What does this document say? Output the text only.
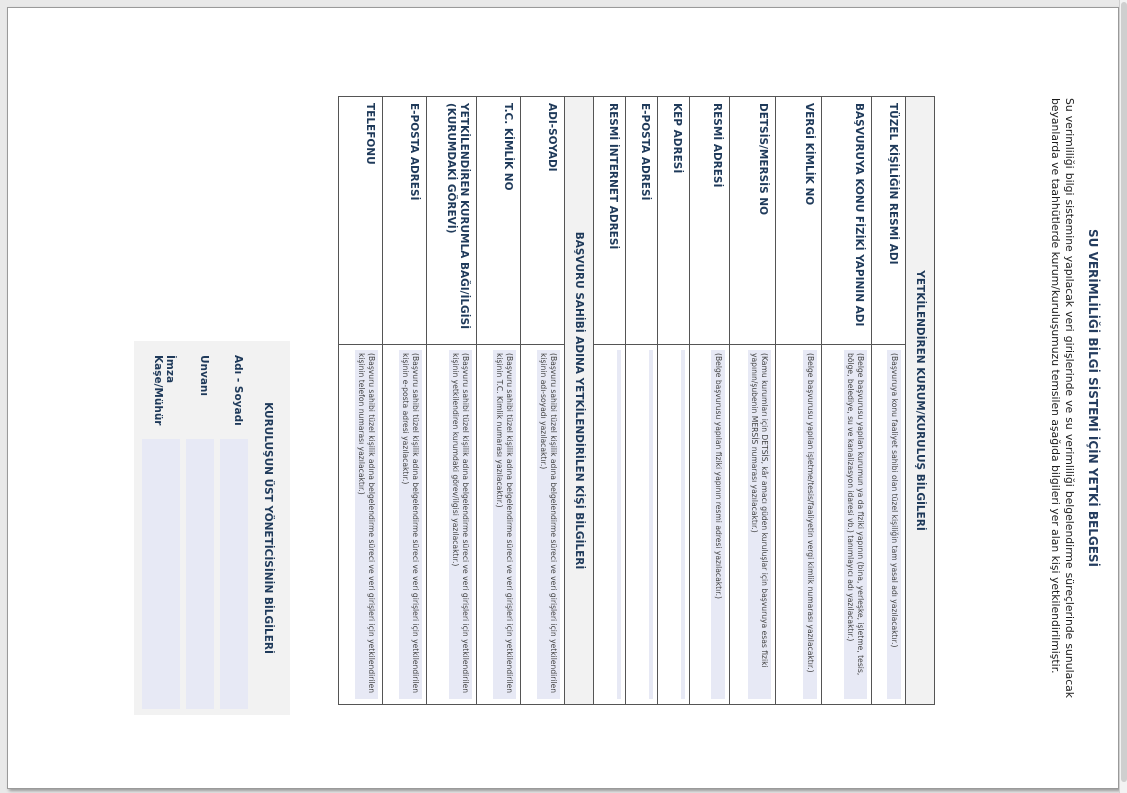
SU VERİMLİLİĞİ BİLGİ SİSTEMİ İÇİN YETKİ BELGESİ
Su verimliliği bilgi sistemine yapılacak veri girişlerinde ve su verimliliği belgelendirme süreçlerinde sunulacak beyanlarda ve taahhütlerde kurum/kuruluşumuzu temsilen aşağıda bilgileri yer alan kişi yetkilendirilmiştir.
YETKİLENDİREN KURUM/KURULUŞ BİLGİLERİ	
TÜZEL KİŞİLİĞİN RESMİ ADI	(Başvuruya konu faaliyet sahibi olan tüzel kişiliğin tam yasal adı yazılacaktır.)

BAŞVURUYA KONU FİZİKİ YAPININ ADI	(Belge başvurusu yapılan kurumun ya da fiziki yapının (bina, yerleşke, işletme, tesis, bölge, belediye, su ve kanalizasyon idaresi vb.) tanımlayıcı adı yazılacaktır.)

VERGİ KİMLİK NO	(Belge başvurusu yapılan işletme/tesis/faaliyetin vergi kimlik numarası yazılacaktır.)

DETSİS/MERSİS NO	(Kamu kurumları için DETSİS, kâr amacı güden kuruluşlar için başvuruya esas fiziki yapının/şubenin MERSİS numarası yazılacaktır.)

RESMİ ADRESİ	(Belge başvurusu yapılan fiziki yapının resmi adresi yazılacaktır.)

KEP ADRESİ	

E-POSTA ADRESİ	

RESMİ İNTERNET ADRESİ	

BAŞVURU SAHİBİ ADINA YETKİLENDİRİLEN KİŞİ BİLGİLERİ	
ADI-SOYADI	(Başvuru sahibi tüzel kişilik adına belgelendirme süreci ve veri girişleri için yetkilendirilen kişinin adı-soyadı yazılacaktır.)

T.C. KİMLİK NO	(Başvuru sahibi tüzel kişilik adına belgelendirme süreci ve veri girişleri için yetkilendirilen kişinin T.C. Kimlik numarası yazılacaktır.)

YETKİLENDİREN KURUMLA BAĞI/İLGİSİ (KURUMDAKİ GÖREVİ)	(Başvuru sahibi tüzel kişilik adına belgelendirme süreci ve veri girişleri için yetkilendirilen kişinin yetkilendiren kurumdaki görev/ilgisi yazılacaktır.)

E-POSTA ADRESİ	(Başvuru sahibi tüzel kişilik adına belgelendirme süreci ve veri girişleri için yetkilendirilen kişinin e-posta adresi yazılacaktır.)

TELEFONU	(Başvuru sahibi tüzel kişilik adına belgelendirme süreci ve veri girişleri için yetkilendirilen kişinin telefon numarası yazılacaktır.)
KURULUŞUN ÜST YÖNETİCİSİNİN BİLGİLERİ
Adı - Soyadı
Unvanı
İmza
Kaşe/Mühür
